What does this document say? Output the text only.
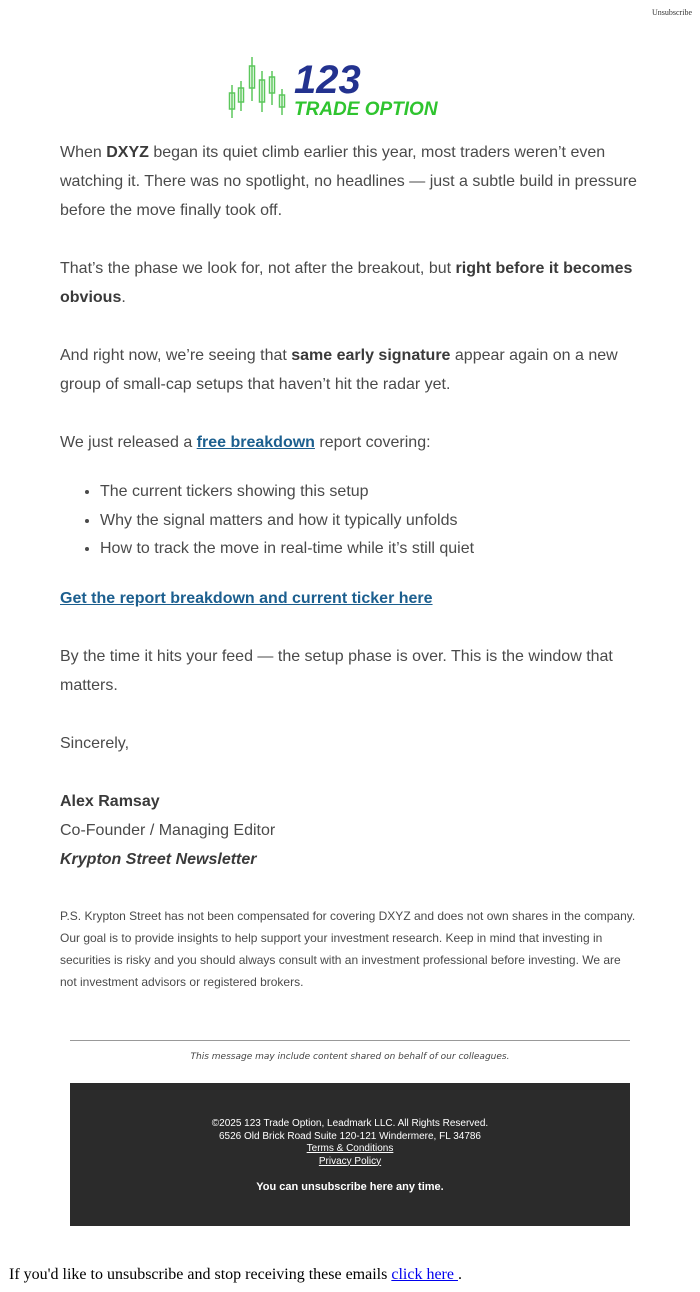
Unsubscribe
123
TRADE OPTION

When DXYZ began its quiet climb earlier this year, most traders weren’t even watching it. There was no spotlight, no headlines — just a subtle build in pressure before the move finally took off.

That’s the phase we look for, not after the breakout, but right before it becomes obvious.

And right now, we’re seeing that same early signature appear again on a new group of small-cap setups that haven’t hit the radar yet.

We just released a free breakdown report covering:

• The current tickers showing this setup
• Why the signal matters and how it typically unfolds
• How to track the move in real-time while it’s still quiet

Get the report breakdown and current ticker here

By the time it hits your feed — the setup phase is over. This is the window that matters.

Sincerely,

Alex Ramsay

Co-Founder / Managing Editor

Krypton Street Newsletter

P.S. Krypton Street has not been compensated for covering DXYZ and does not own shares in the company. Our goal is to provide insights to help support your investment research. Keep in mind that investing in securities is risky and you should always consult with an investment professional before investing. We are not investment advisors or registered brokers.

This message may include content shared on behalf of our colleagues.
©2025 123 Trade Option, Leadmark LLC. All Rights Reserved.
6526 Old Brick Road Suite 120-121 Windermere, FL 34786
Terms & Conditions
Privacy Policy
You can unsubscribe here any time.
If you'd like to unsubscribe and stop receiving these emails click here .
